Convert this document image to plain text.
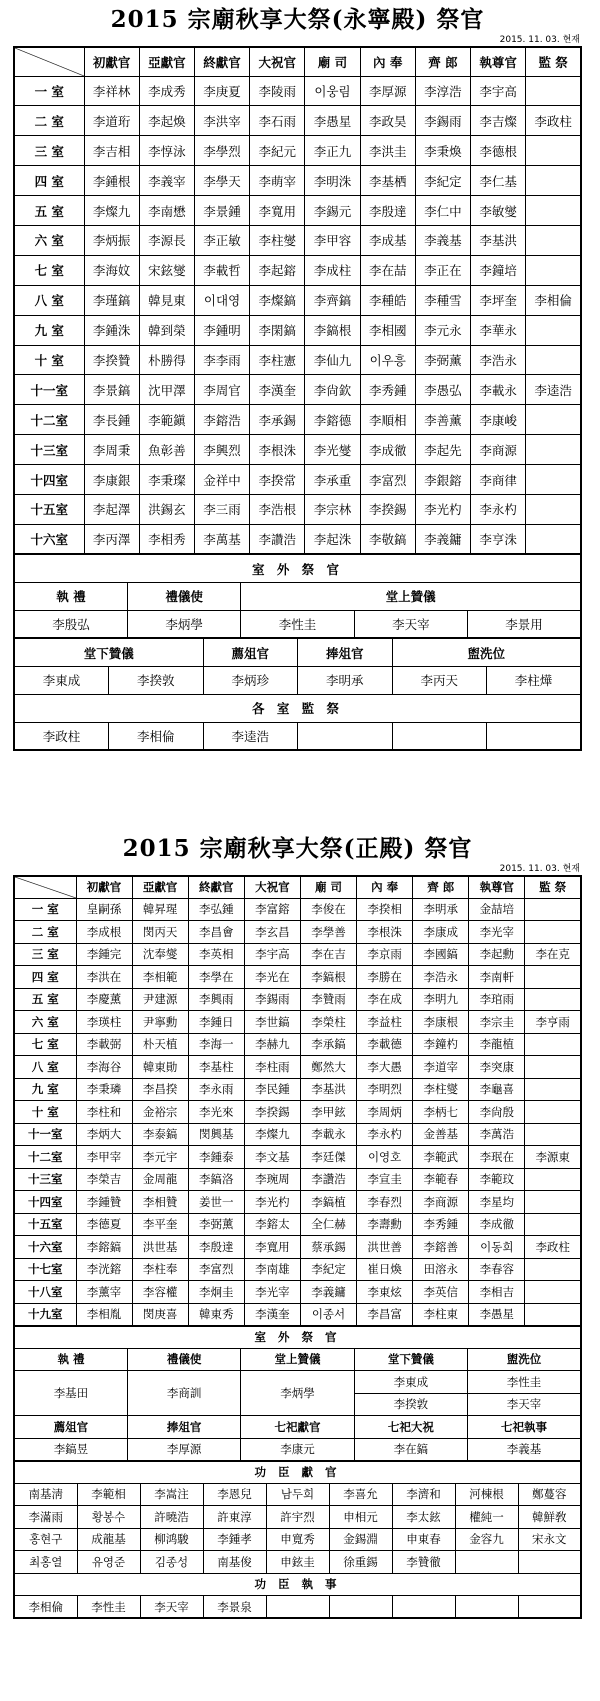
2015 宗廟秋享大祭(永寧殿) 祭官
2015. 11. 03. 현재
	初獻官	亞獻官	終獻官	大祝官	廟 司	內 奉	齊 郎	執尊官	監 祭
一 室	李祥林	李成秀	李庚夏	李陵雨	이웅림	李厚源	李淳浩	李宇高	
二 室	李道珩	李起煥	李洪宰	李石雨	李愚星	李政昊	李錫雨	李吉燦	李政柱
三 室	李吉相	李惇泳	李學烈	李紀元	李正九	李洪圭	李秉煥	李德根	
四 室	李鍾根	李義宰	李學天	李萌宰	李明洙	李基栖	李紀定	李仁基	
五 室	李燦九	李南懋	李景鍾	李寬用	李錫元	李殷達	李仁中	李敏燮	
六 室	李炳振	李源長	李正敏	李柱燮	李甲容	李成基	李義基	李基洪	
七 室	李海妏	宋鉉燮	李載哲	李起鎔	李成柱	李在喆	李正在	李鐘培	
八 室	李瑾鎬	韓見東	이대영	李燦鎬	李齊鎬	李種皓	李種雪	李坪奎	李相倫
九 室	李鍾洙	韓到榮	李鍾明	李閑鎬	李鎬根	李相國	李元永	李華永	
十 室	李揆贊	朴勝得	李李雨	李柱憲	李仙九	이우흥	李弼薰	李浩永	
十一室	李景鎬	沈甲澤	李周官	李漢奎	李尙欽	李秀鍾	李愚弘	李載永	李逵浩
十二室	李長鍾	李範鎭	李鎔浩	李承錫	李鎔德	李順相	李善薰	李康峻	
十三室	李周秉	魚彰善	李興烈	李根洙	李光燮	李成徹	李起先	李商源	
十四室	李康銀	李秉璨	金祥中	李揆常	李承重	李富烈	李銀鎔	李商律	
十五室	李起澤	洪錫玄	李三雨	李浩根	李宗林	李揆錫	李光杓	李永杓	
十六室	李丙澤	李相秀	李萬基	李讚浩	李起洙	李敬鎬	李義鏞	李亨洙	
室 外 祭 官				
執 禮	禮儀使	堂上贊儀		
李殷弘	李炳學	李性圭	李天宰	李景用
堂下贊儀		薦俎官	捧俎官	盥洗位	
李東成	李揆敦	李炳珍	李明承	李丙天	李柱燁
各 室 監 祭					
李政柱	李相倫	李逵浩			
2015 宗廟秋享大祭(正殿) 祭官
2015. 11. 03. 현재
	初獻官	亞獻官	終獻官	大祝官	廟 司	內 奉	齊 郎	執尊官	監 祭
一 室	皇嗣孫	韓昇瑆	李弘鍾	李富鎔	李俊在	李揆相	李明承	金喆培	
二 室	李成根	閔丙天	李昌會	李玄昌	李學善	李根洙	李康成	李光宰	
三 室	李鍾完	沈奉燮	李英相	李宇高	李在吉	李京雨	李國鎬	李起勳	李在克
四 室	李洪在	李相範	李學在	李光在	李鎬根	李勝在	李浩永	李南軒	
五 室	李慶薰	尹建源	李興雨	李錫雨	李贊雨	李在成	李明九	李琯雨	
六 室	李瑛柱	尹寧勳	李鍾日	李世鎬	李榮柱	李益柱	李康根	李宗圭	李亨雨
七 室	李載弼	朴天植	李海一	李赫九	李承鎬	李載德	李鐘杓	李龍植	
八 室	李海谷	韓東勛	李基柱	李柱雨	鄭然大	李大愚	李道宰	李突康	
九 室	李秉璘	李昌揆	李永雨	李民鍾	李基洪	李明烈	李柱燮	李龜喜	
十 室	李柱和	金裕宗	李光來	李揆錫	李甲鉉	李周炳	李柄七	李尙殷	
十一室	李炳大	李泰鎬	閔興基	李燦九	李載永	李永杓	金善基	李萬浩	
十二室	李甲宰	李元宇	李鍾泰	李文基	李廷傑	이영호	李範武	李珉在	李源東
十三室	李榮吉	金周龍	李鎬洛	李琬周	李讚浩	李宣圭	李範春	李範玟	
十四室	李鍾贊	李相贊	姜世一	李光杓	李鎬植	李春烈	李商源	李星均	
十五室	李德夏	李平奎	李弼薰	李鎔太	全仁赫	李壽勳	李秀鍾	李成徹	
十六室	李鎔鎬	洪世基	李殷達	李寬用	蔡承錫	洪世善	李鎔善	이동희	李政柱
十七室	李洸鎔	李柱奉	李富烈	李南雄	李紀定	崔日煥	田溶永	李春容	
十八室	李薰宰	李容權	李炯圭	李光宰	李義鏞	李東炫	李英信	李相吉	
十九室	李相胤	閔庚喜	韓東秀	李漢奎	이종서	李昌富	李柱東	李愚星	
室 外 祭 官				
執 禮	禮儀使	堂上贊儀	堂下贊儀	盥洗位
李基田	李商訓	李炳學	李東成	李性圭
			李揆敦	李天宰
薦俎官	捧俎官	七祀獻官	七祀大祝	七祀執事
李鎬昱	李厚源	李康元	李在鎬	李義基
功 臣 獻 官								
南基淸	李範相	李嵩注	李恩兒	남두희	李喜允	李濟和	河棟根	鄭蔓容
李滿雨	황봉수	許曉浩	許東淳	許宇烈	申相元	李太鉉	權純一	韓鮮敎
홍현구	成龍基	柳鸿駿	李鍾孝	申寬秀	金錫淵	申東春	金容九	宋永文
최홍열	유영준	김종성	南基俊	申鉉圭	徐重錫	李贊徹		
功 臣 執 事								
李相倫	李性圭	李天宰	李景泉					
